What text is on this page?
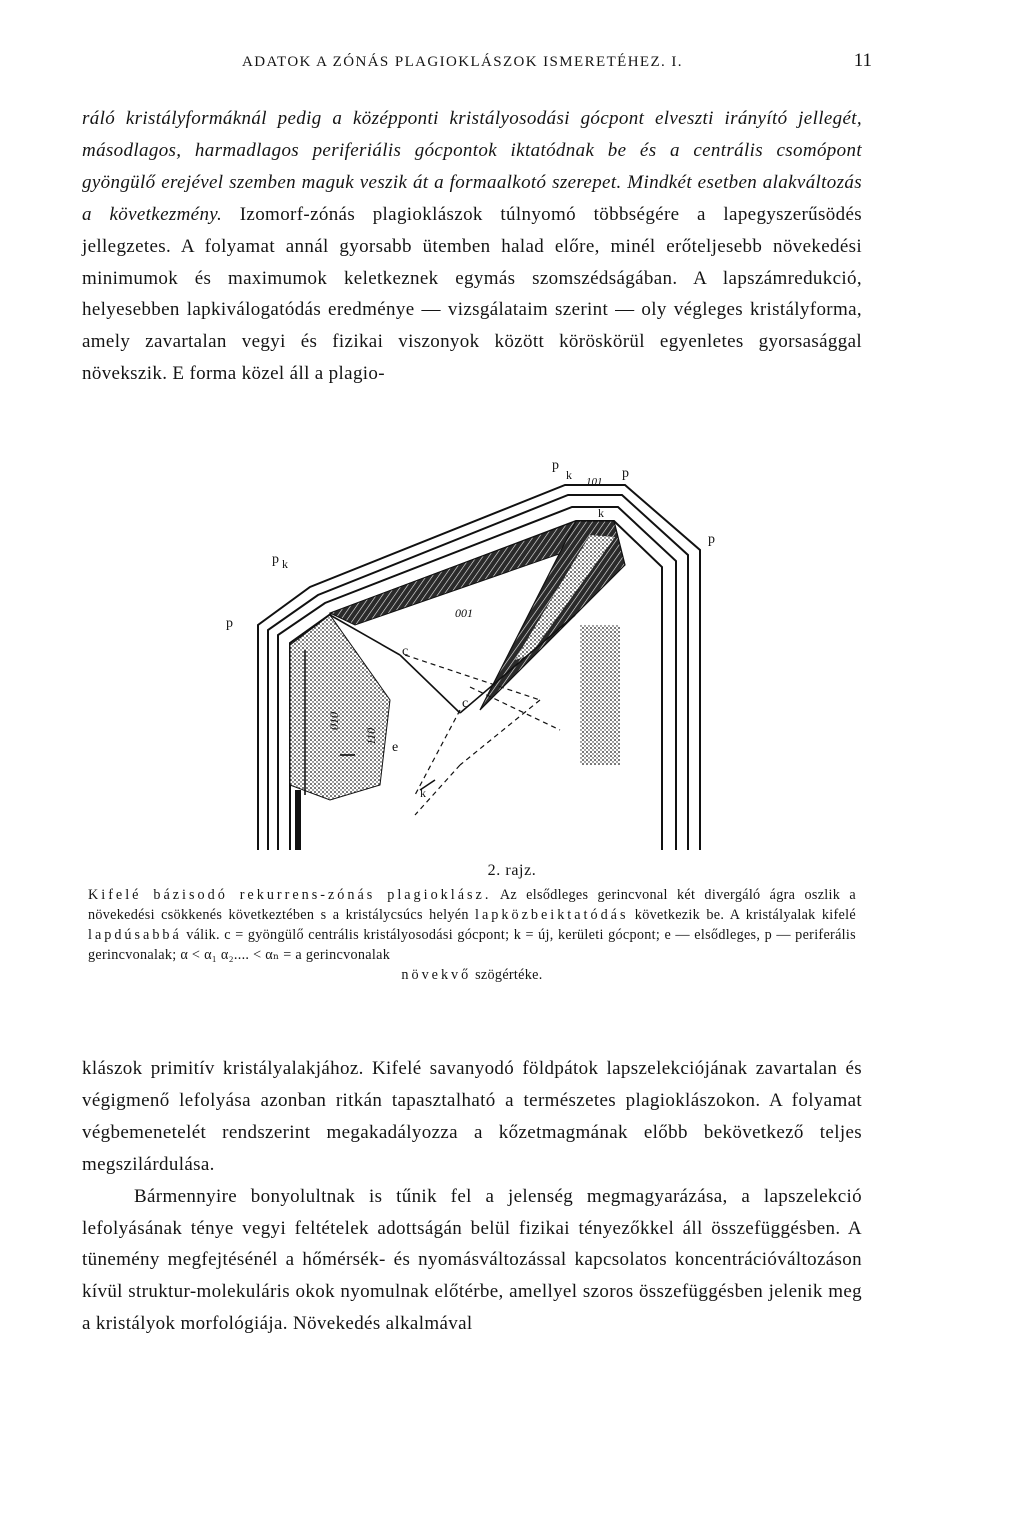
ADATOK A ZÓNÁS PLAGIOKLÁSZOK ISMERETÉHEZ. I.	11
ráló kristályformáknál pedig a középponti kristályosodási gócpont elveszti irányító jellegét, másodlagos, harmadlagos periferiális gócpontok iktatódnak be és a centrális csomópont gyöngülő erejével szemben maguk veszik át a formaalkotó szerepet. Mindkét esetben alakváltozás a következmény. Izomorf-zónás plagioklászok túlnyomó többségére a lapegyszerűsödés jellegzetes. A folyamat annál gyorsabb ütemben halad előre, minél erőteljesebb növekedési minimumok és maximumok keletkeznek egymás szomszédságában. A lapszámredukció, helyesebben lapkiválogatódás eredménye — vizsgálataim szerint — oly végleges kristályforma, amely zavartalan vegyi és fizikai viszonyok között köröskörül egyenletes gyorsasággal növekszik. E forma közel áll a plagio-
p
k 101
p
k
p
p k
p
001
c
c
010
110
e
k
2. rajz.
Kifelé bázisodó rekurrens-zónás plagioklász. Az elsődleges gerincvonal két divergáló ágra oszlik a növekedési csökkenés következtében s a kristálycsúcs helyén lapközbeiktatódás következik be. A kristályalak kifelé lapdúsabbá válik. c = gyöngülő centrális kristályosodási gócpont; k = új, kerületi gócpont; e — elsődleges, p — periferális gerincvonalak; α < α₁ α₂.... < αₙ = a gerincvonalak
növekvő szögértéke.
klászok primitív kristályalakjához. Kifelé savanyodó földpátok lapszelekciójának zavartalan és végigmenő lefolyása azonban ritkán tapasztalható a természetes plagioklászokon. A folyamat végbemenetelét rendszerint megakadályozza a kőzetmagmának előbb bekövetkező teljes megszilárdulása.
Bármennyire bonyolultnak is tűnik fel a jelenség megmagyarázása, a lapszelekció lefolyásának ténye vegyi feltételek adottságán belül fizikai tényezőkkel áll összefüggésben. A tünemény megfejtésénél a hőmérsék- és nyomásváltozással kapcsolatos koncentrációváltozáson kívül struktur-molekuláris okok nyomulnak előtérbe, amellyel szoros összefüggésben jelenik meg a kristályok morfológiája. Növekedés alkalmával
